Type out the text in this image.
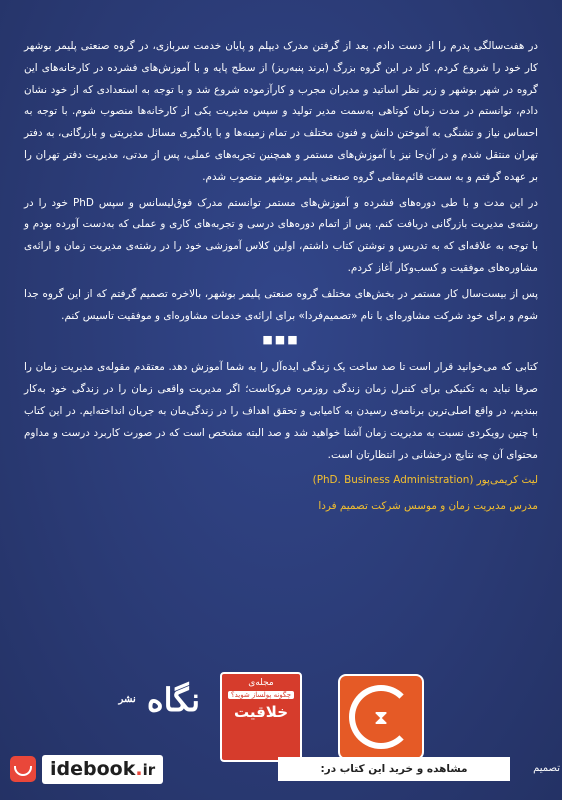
در هفت‌سالگی پدرم را از دست دادم. بعد از گرفتن مدرک دیپلم و پایان خدمت سربازی، در گروه صنعتی پلیمر بوشهر کار خود را شروع کردم. کار در این گروه بزرگ (برند پنبه‌ریز) از سطح پایه و با آموزش‌های فشرده در کارخانه‌های این گروه در شهر بوشهر و زیر نظر اساتید و مدیران مجرب و کارآزموده شروع شد و با توجه به استعدادی که از خود نشان دادم، توانستم در مدت زمان کوتاهی به‌سمت مدیر تولید و سپس مدیریت یکی از کارخانه‌ها منصوب شوم. با توجه به احساس نیاز و تشنگی به آموختن دانش و فنون مختلف در تمام زمینه‌ها و با یادگیری مسائل مدیریتی و بازرگانی، به دفتر تهران منتقل شدم و در آن‌جا نیز با آموزش‌های مستمر و همچنین تجربه‌های عملی، پس از مدتی، مدیریت دفتر تهران را بر عهده گرفتم و به سمت قائم‌مقامی گروه صنعتی پلیمر بوشهر منصوب شدم.

در این مدت و با طی دوره‌های فشرده و آموزش‌های مستمر توانستم مدرک فوق‌لیسانس و سپس PhD خود را در رشته‌ی مدیریت بازرگانی دریافت کنم. پس از اتمام دوره‌های درسی و تجربه‌های کاری و عملی که به‌دست آورده بودم و با توجه به علاقه‌ای که به تدریس و نوشتن کتاب داشتم، اولین کلاس آموزشی خود را در رشته‌ی مدیریت زمان و ارائه‌ی مشاوره‌های موفقیت و کسب‌وکار آغاز کردم.

پس از بیست‌سال کار مستمر در بخش‌های مختلف گروه صنعتی پلیمر بوشهر، بالاخره تصمیم گرفتم که از این گروه جدا شوم و برای خود شرکت مشاوره‌ای با نام «تصمیم‌فردا» برای ارائه‌ی خدمات مشاوره‌ای و موفقیت تاسیس کنم.

■■■

کتابی که می‌خوانید قرار است تا صد ساخت یک زندگی ایده‌آل را به شما آموزش دهد. معتقدم مقوله‌ی مدیریت زمان را صرفا نباید به تکنیکی برای کنترل زمان زندگی روزمره فروکاست؛ اگر مدیریت واقعی زمان را در زندگی خود به‌کار ببندیم، در واقع اصلی‌ترین برنامه‌ی رسیدن به کامیابی و تحقق اهداف را در زندگی‌مان به جریان انداخته‌ایم. در این کتاب با چنین رویکردی نسبت به مدیریت زمان آشنا خواهید شد و صد البته مشخص است که در صورت کاربرد درست و مداوم محتوای آن چه نتایج درخشانی در انتظارتان است.

لیث کریمی‌پور (PhD. Business Administration)
مدرس مدیریت زمان و موسس شرکت تصمیم فردا
نگاه $^{نشر}$
مجله‌ی
چگونه پولساز شوید؟
خلاقیت	⧗
idebook.ir	مشاهده و خرید این کتاب در:	تصمیم
